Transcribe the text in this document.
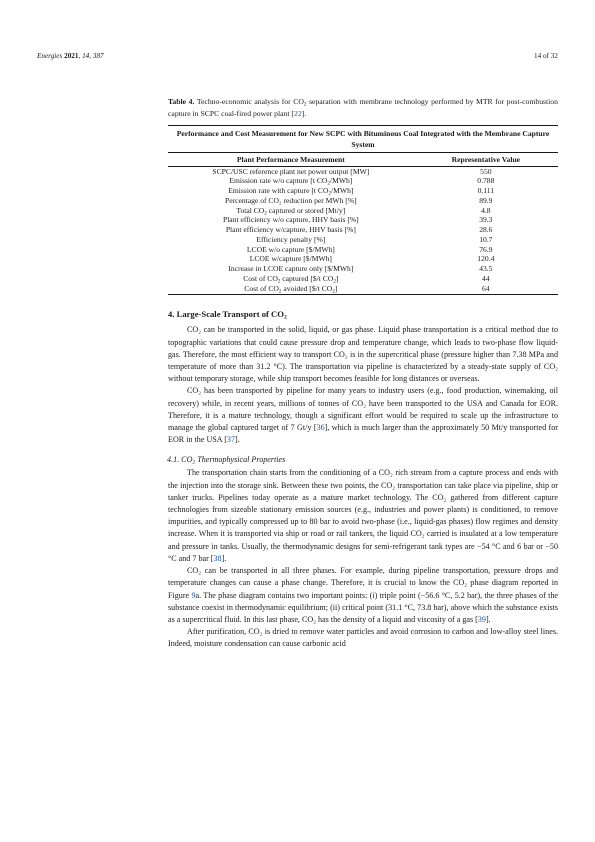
Energies 2021, 14, 387	14 of 32

Table 4. Techno-economic analysis for $CO_2$ separation with membrane technology performed by MTR for post-combustion capture in SCPC coal-fired power plant [22].

Performance and Cost Measurement for New SCPC with Bituminous Coal Integrated with the Membrane Capture System	
Plant Performance Measurement	Representative Value
SCPC/USC reference plant net power output [MW]	550
Emission rate w/o capture [t $CO_2/MWh$]	0.788
Emission rate with capture [t $CO_2/MWh$]	0.111
Percentage of CO₂ reduction per MWh [%]	89.9
Total $CO_2$ captured or stored [Mt/y]	4.8
Plant efficiency w/o capture, HHV basis [%]	39.3
Plant efficiency w/capture, HHV basis [%]	28.6
Efficiency penalty [%]	10.7
LCOE w/o capture [$/MWh]	76.9
LCOE w/capture [$/MWh]	120.4
Increase in LCOE capture only [$/MWh]	43.5
Cost of $CO_2$ captured [$/t $CO_2$]	44
Cost of $CO_2$ avoided [$/t $CO_2$]	64
4. Large-Scale Transport of $CO_2$

CO₂ can be transported in the solid, liquid, or gas phase. Liquid phase transportation is a critical method due to topographic variations that could cause pressure drop and temperature change, which leads to two-phase flow liquid-gas. Therefore, the most efficient way to transport CO₂ is in the supercritical phase (pressure higher than 7.38 MPa and temperature of more than 31.2 °C). The transportation via pipeline is characterized by a steady-state supply of CO₂ without temporary storage, while ship transport becomes feasible for long distances or overseas.

CO₂ has been transported by pipeline for many years to industry users (e.g., food production, winemaking, oil recovery) while, in recent years, millions of tonnes of CO₂ have been transported to the USA and Canada for EOR. Therefore, it is a mature technology, though a significant effort would be required to scale up the infrastructure to manage the global captured target of 7 Gt/y [36], which is much larger than the approximately 50 Mt/y transported for EOR in the USA [37].

4.1. $CO_2$ Thermophysical Properties

The transportation chain starts from the conditioning of a CO₂ rich stream from a capture process and ends with the injection into the storage sink. Between these two points, the CO₂ transportation can take place via pipeline, ship or tanker trucks. Pipelines today operate as a mature market technology. The CO₂ gathered from different capture technologies from sizeable stationary emission sources (e.g., industries and power plants) is conditioned, to remove impurities, and typically compressed up to 80 bar to avoid two-phase (i.e., liquid-gas phases) flow regimes and density increase. When it is transported via ship or road or rail tankers, the liquid CO₂ carried is insulated at a low temperature and pressure in tanks. Usually, the thermodynamic designs for semi-refrigerant tank types are −54 °C and 6 bar or −50 °C and 7 bar [38].

CO₂ can be transported in all three phases. For example, during pipeline transportation, pressure drops and temperature changes can cause a phase change. Therefore, it is crucial to know the CO₂ phase diagram reported in Figure 9a. The phase diagram contains two important points: (i) triple point (−56.6 °C, 5.2 bar), the three phases of the substance coexist in thermodynamic equilibrium; (ii) critical point (31.1 °C, 73.8 bar), above which the substance exists as a supercritical fluid. In this last phase, CO₂ has the density of a liquid and viscosity of a gas [39].

After purification, CO₂ is dried to remove water particles and avoid corrosion to carbon and low-alloy steel lines. Indeed, moisture condensation can cause carbonic acid
